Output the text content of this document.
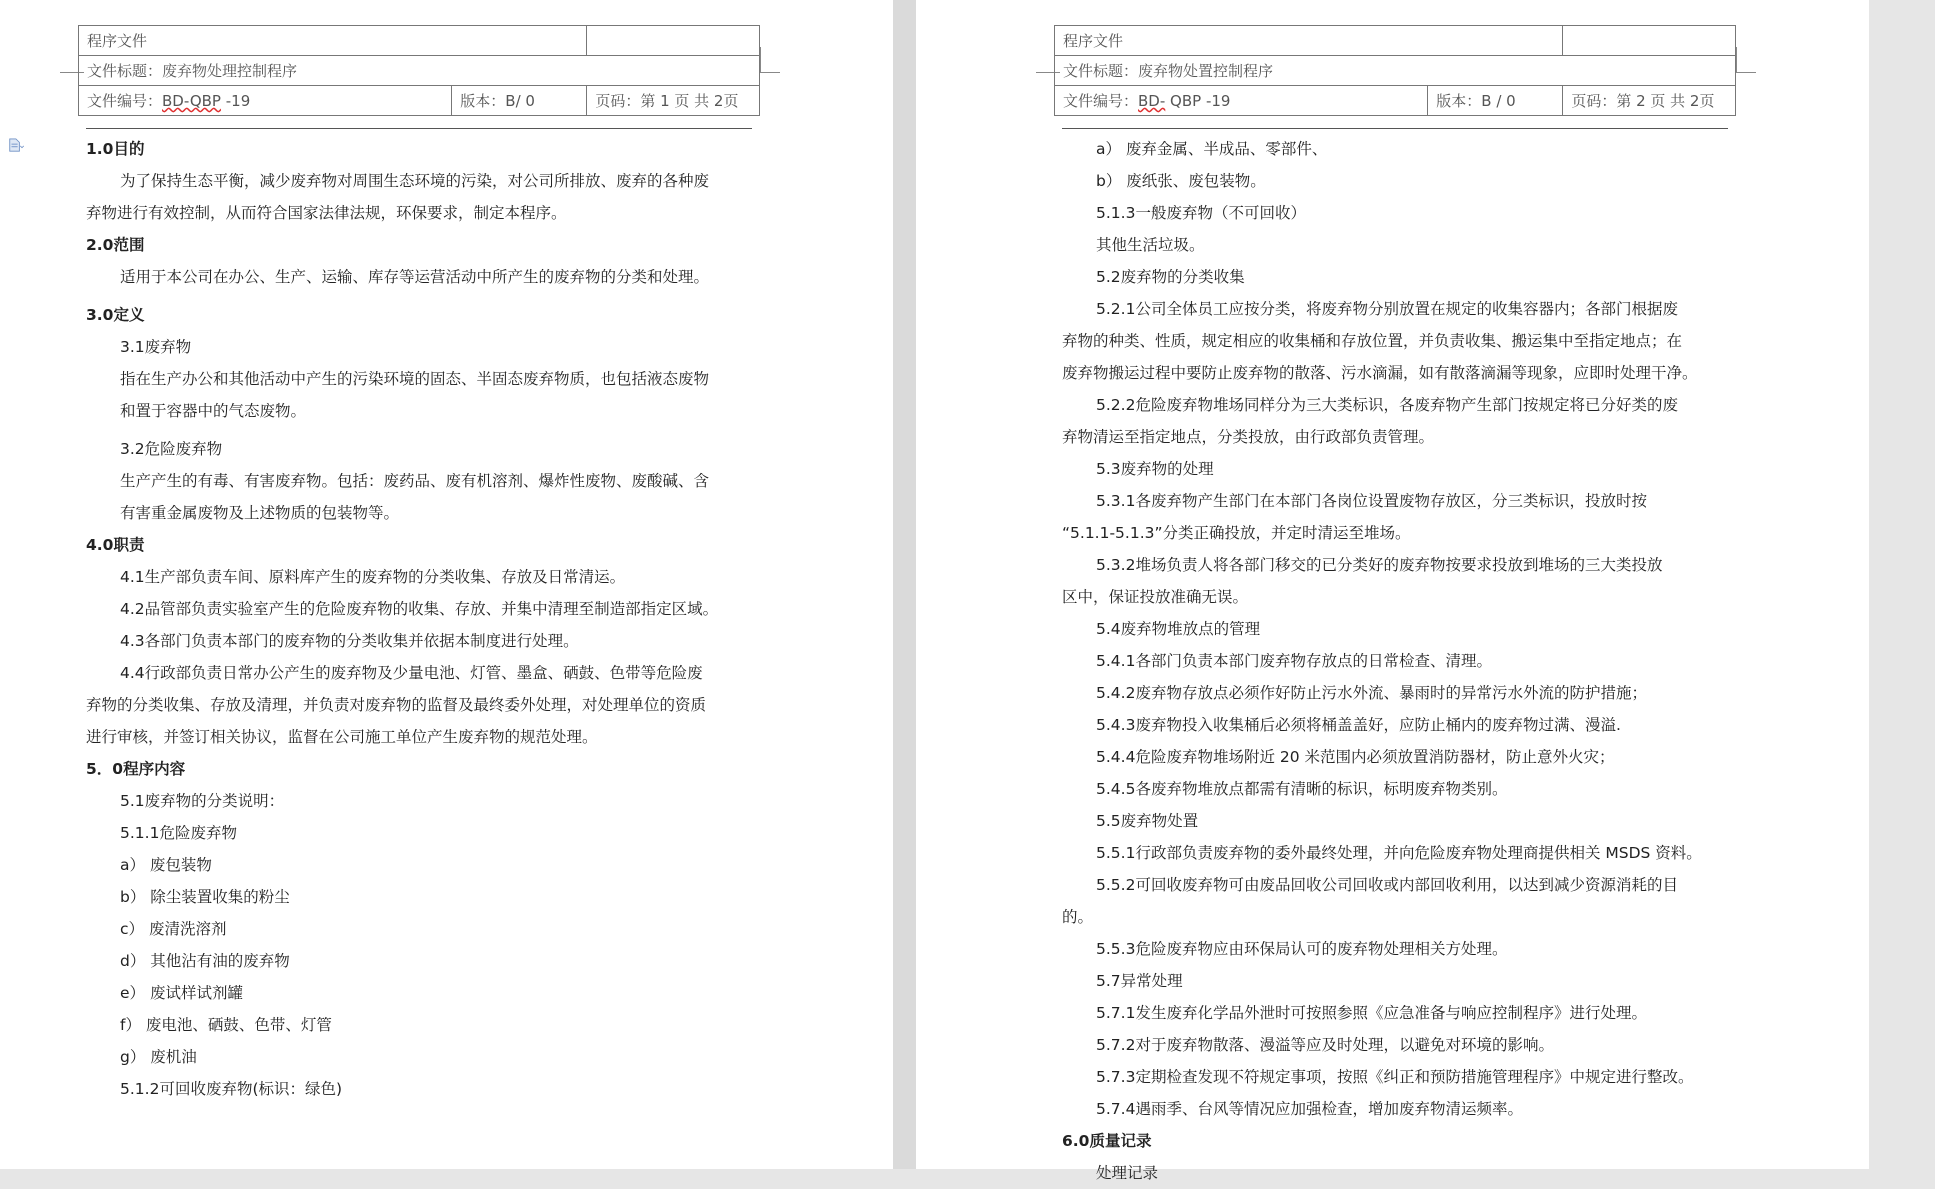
程序文件		
文件标题：废弃物处理控制程序		
文件编号：BD-QBP -19	版本：B/ 0	页码：第 1 页 共 2页

1.0目的

为了保持生态平衡，减少废弃物对周围生态环境的污染，对公司所排放、废弃的各种废

弃物进行有效控制，从而符合国家法律法规，环保要求，制定本程序。

2.0范围

适用于本公司在办公、生产、运输、库存等运营活动中所产生的废弃物的分类和处理。

3.0定义

3.1废弃物

指在生产办公和其他活动中产生的污染环境的固态、半固态废弃物质，也包括液态废物

和置于容器中的气态废物。

3.2危险废弃物

生产产生的有毒、有害废弃物。包括：废药品、废有机溶剂、爆炸性废物、废酸碱、含

有害重金属废物及上述物质的包装物等。

4.0职责

4.1生产部负责车间、原料库产生的废弃物的分类收集、存放及日常清运。

4.2品管部负责实验室产生的危险废弃物的收集、存放、并集中清理至制造部指定区域。

4.3各部门负责本部门的废弃物的分类收集并依据本制度进行处理。

4.4行政部负责日常办公产生的废弃物及少量电池、灯管、墨盒、硒鼓、色带等危险废

弃物的分类收集、存放及清理，并负责对废弃物的监督及最终委外处理，对处理单位的资质

进行审核，并签订相关协议，监督在公司施工单位产生废弃物的规范处理。

5．0程序内容

5.1废弃物的分类说明：

5.1.1危险废弃物

a） 废包装物

b） 除尘装置收集的粉尘

c） 废清洗溶剂

d） 其他沾有油的废弃物

e） 废试样试剂罐

f） 废电池、硒鼓、色带、灯管

g） 废机油

5.1.2可回收废弃物(标识：绿色)

程序文件		
文件标题：废弃物处置控制程序		
文件编号：BD- QBP -19	版本：B / 0	页码：第 2 页 共 2页

a） 废弃金属、半成品、零部件、

b） 废纸张、废包装物。

5.1.3一般废弃物（不可回收）

其他生活垃圾。

5.2废弃物的分类收集

5.2.1公司全体员工应按分类，将废弃物分别放置在规定的收集容器内；各部门根据废

弃物的种类、性质，规定相应的收集桶和存放位置，并负责收集、搬运集中至指定地点；在

废弃物搬运过程中要防止废弃物的散落、污水滴漏，如有散落滴漏等现象，应即时处理干净。

5.2.2危险废弃物堆场同样分为三大类标识，各废弃物产生部门按规定将已分好类的废

弃物清运至指定地点，分类投放，由行政部负责管理。

5.3废弃物的处理

5.3.1各废弃物产生部门在本部门各岗位设置废物存放区，分三类标识，投放时按

“5.1.1-5.1.3”分类正确投放，并定时清运至堆场。

5.3.2堆场负责人将各部门移交的已分类好的废弃物按要求投放到堆场的三大类投放

区中，保证投放准确无误。

5.4废弃物堆放点的管理

5.4.1各部门负责本部门废弃物存放点的日常检查、清理。

5.4.2废弃物存放点必须作好防止污水外流、暴雨时的异常污水外流的防护措施；

5.4.3废弃物投入收集桶后必须将桶盖盖好，应防止桶内的废弃物过满、漫溢.

5.4.4危险废弃物堆场附近 20 米范围内必须放置消防器材，防止意外火灾；

5.4.5各废弃物堆放点都需有清晰的标识，标明废弃物类别。

5.5废弃物处置

5.5.1行政部负责废弃物的委外最终处理，并向危险废弃物处理商提供相关 MSDS 资料。

5.5.2可回收废弃物可由废品回收公司回收或内部回收利用，以达到减少资源消耗的目

的。

5.5.3危险废弃物应由环保局认可的废弃物处理相关方处理。

5.7异常处理

5.7.1发生废弃化学品外泄时可按照参照《应急准备与响应控制程序》进行处理。

5.7.2对于废弃物散落、漫溢等应及时处理，以避免对环境的影响。

5.7.3定期检查发现不符规定事项，按照《纠正和预防措施管理程序》中规定进行整改。

5.7.4遇雨季、台风等情况应加强检查，增加废弃物清运频率。

6.0质量记录

处理记录
